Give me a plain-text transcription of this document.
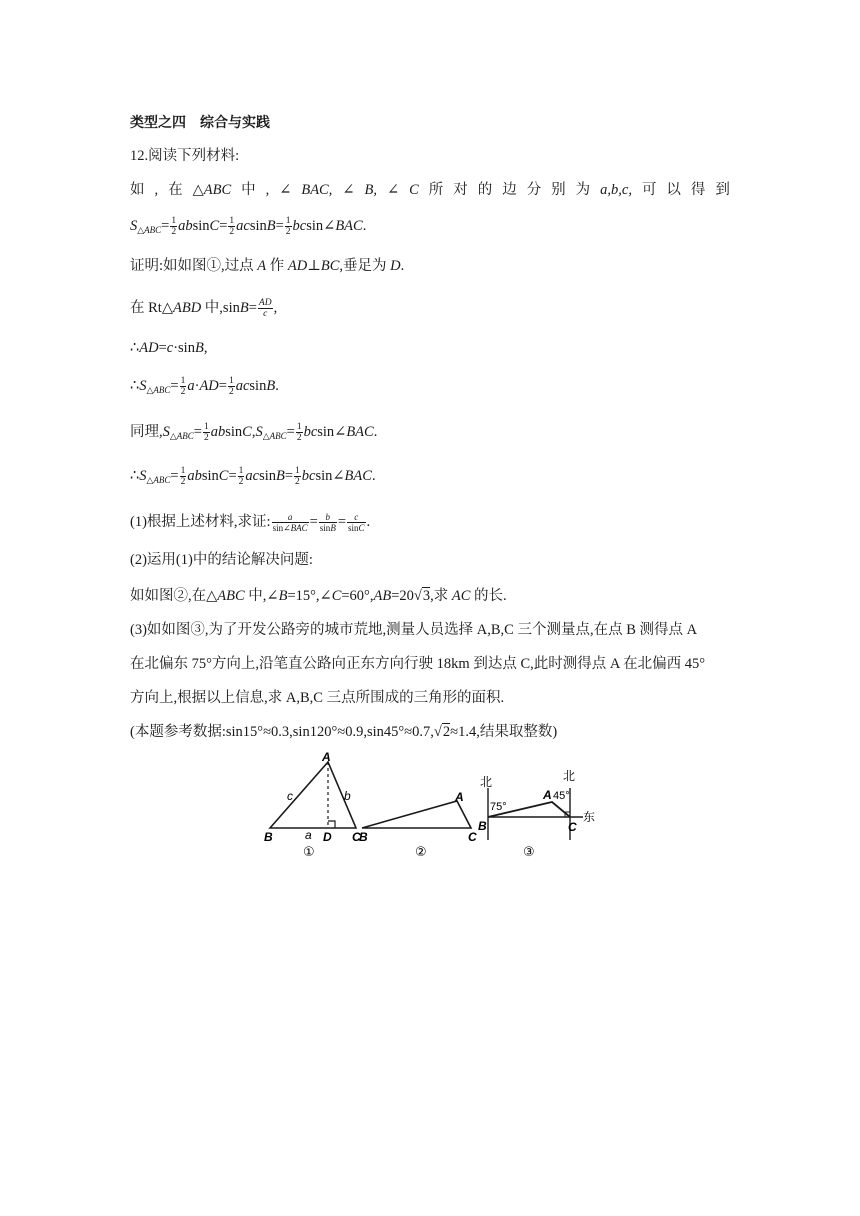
类型之四　综合与实践
12.阅读下列材料:
如 , 在 △ABC 中 , ∠ BAC, ∠ B, ∠ C 所 对 的 边 分 别 为 a,b,c, 可 以 得 到
$S_{\triangle ABC}= \frac{1}{2} absinC= \frac{1}{2} acsinB= \frac{1}{2}$ bcsin∠BAC.
证明:如如图①,过点 A 作 AD⊥BC,垂足为 D.
在 Rt△ABD 中$,\sin B= \frac{AD}{c}$ ,
∴AD=c·sinB,
$\therefore S_{\triangle ABC}= \frac{1}{2} a\cdot AD= \frac{1}{2} acsinB$.
同理$,S_{\triangle ABC}= \frac{1}{2} absinC,S_{\triangle ABC}= \frac{1}{2}$ bcsin∠BAC.
$\therefore S_{\triangle ABC}= \frac{1}{2} absinC= \frac{1}{2} acsinB= \frac{1}{2}$ bcsin∠BAC.
(1)根据上述材料,求证:	a
sin∠BAC = $\frac{b}{\sin B} = \frac{c}{\sin C}$ .
(2)运用(1)中的结论解决问题:
如如图②,在△ABC 中,∠B=15°,∠C=60°,AB=20√3,求 AC 的长.
(3)如如图③,为了开发公路旁的城市荒地,测量人员选择 A,B,C 三个测量点,在点 B 测得点 A
在北偏东 75°方向上,沿笔直公路向正东方向行驶 18km 到达点 C,此时测得点 A 在北偏西 45°
方向上,根据以上信息,求 A,B,C 三点所围成的三角形的面积.
(本题参考数据:sin15°≈0.3,sin120°≈0.9,sin45°≈0.7,√2≈1.4,结果取整数)
A
B	C
D
a
b
c
①
A
B	C
②
北	北
东
75°
45°
A
B	C
③
